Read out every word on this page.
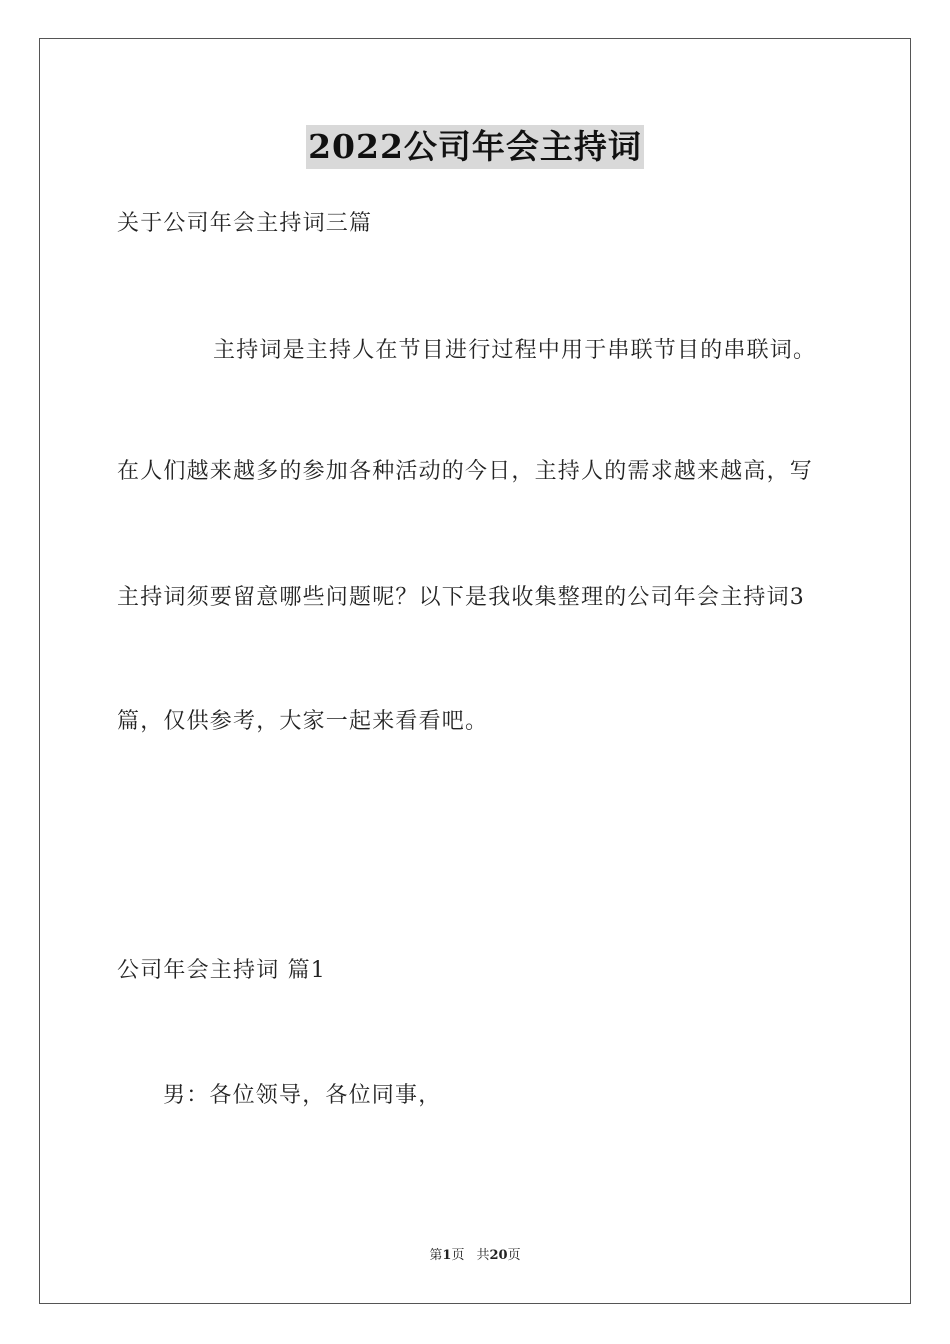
2022公司年会主持词
关于公司年会主持词三篇
主持词是主持人在节目进行过程中用于串联节目的串联词。
在人们越来越多的参加各种活动的今日，主持人的需求越来越高，写
主持词须要留意哪些问题呢？以下是我收集整理的公司年会主持词3
篇，仅供参考，大家一起来看看吧。
公司年会主持词 篇1
男：各位领导，各位同事，
第1页 共20页
